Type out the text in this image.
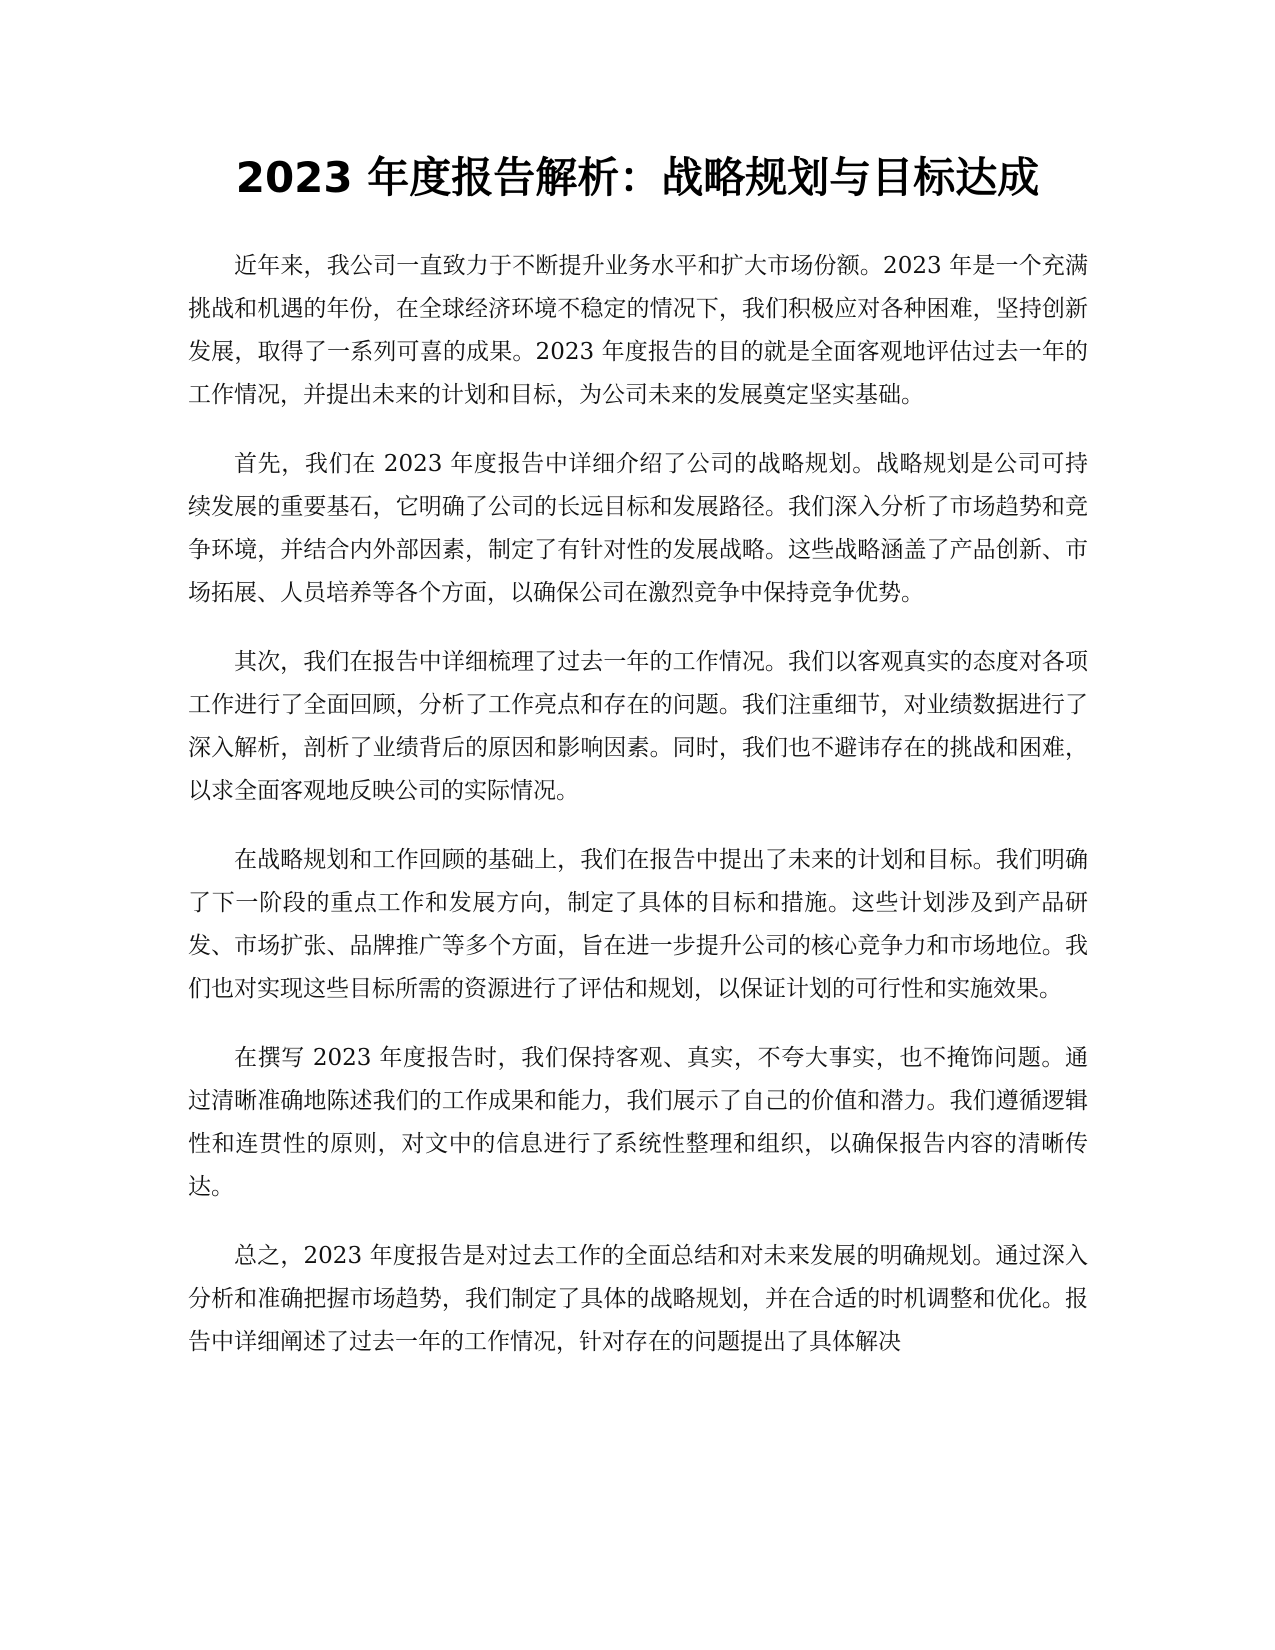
2023 年度报告解析：战略规划与目标达成

近年来，我公司一直致力于不断提升业务水平和扩大市场份额。2023 年是一个充满挑战和机遇的年份，在全球经济环境不稳定的情况下，我们积极应对各种困难，坚持创新发展，取得了一系列可喜的成果。2023 年度报告的目的就是全面客观地评估过去一年的工作情况，并提出未来的计划和目标，为公司未来的发展奠定坚实基础。

首先，我们在 2023 年度报告中详细介绍了公司的战略规划。战略规划是公司可持续发展的重要基石，它明确了公司的长远目标和发展路径。我们深入分析了市场趋势和竞争环境，并结合内外部因素，制定了有针对性的发展战略。这些战略涵盖了产品创新、市场拓展、人员培养等各个方面，以确保公司在激烈竞争中保持竞争优势。

其次，我们在报告中详细梳理了过去一年的工作情况。我们以客观真实的态度对各项工作进行了全面回顾，分析了工作亮点和存在的问题。我们注重细节，对业绩数据进行了深入解析，剖析了业绩背后的原因和影响因素。同时，我们也不避讳存在的挑战和困难，以求全面客观地反映公司的实际情况。

在战略规划和工作回顾的基础上，我们在报告中提出了未来的计划和目标。我们明确了下一阶段的重点工作和发展方向，制定了具体的目标和措施。这些计划涉及到产品研发、市场扩张、品牌推广等多个方面，旨在进一步提升公司的核心竞争力和市场地位。我们也对实现这些目标所需的资源进行了评估和规划，以保证计划的可行性和实施效果。

在撰写 2023 年度报告时，我们保持客观、真实，不夸大事实，也不掩饰问题。通过清晰准确地陈述我们的工作成果和能力，我们展示了自己的价值和潜力。我们遵循逻辑性和连贯性的原则，对文中的信息进行了系统性整理和组织，以确保报告内容的清晰传达。

总之，2023 年度报告是对过去工作的全面总结和对未来发展的明确规划。通过深入分析和准确把握市场趋势，我们制定了具体的战略规划，并在合适的时机调整和优化。报告中详细阐述了过去一年的工作情况，针对存在的问题提出了具体解决
